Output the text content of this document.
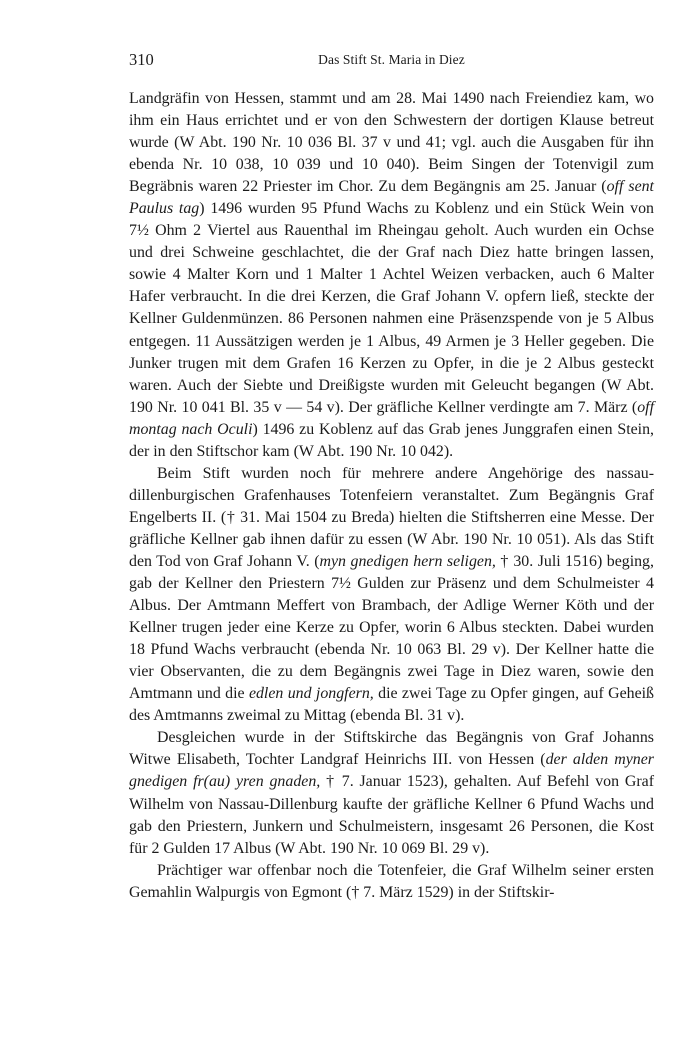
310	Das Stift St. Maria in Diez

Landgräfin von Hessen, stammt und am 28. Mai 1490 nach Freiendiez kam, wo ihm ein Haus errichtet und er von den Schwestern der dortigen Klause betreut wurde (W Abt. 190 Nr. 10 036 Bl. 37 v und 41; vgl. auch die Ausgaben für ihn ebenda Nr. 10 038, 10 039 und 10 040). Beim Singen der Totenvigil zum Begräbnis waren 22 Priester im Chor. Zu dem Begängnis am 25. Januar (off sent Paulus tag) 1496 wurden 95 Pfund Wachs zu Koblenz und ein Stück Wein von 7½ Ohm 2 Viertel aus Rauenthal im Rheingau geholt. Auch wurden ein Ochse und drei Schweine geschlachtet, die der Graf nach Diez hatte bringen lassen, sowie 4 Malter Korn und 1 Malter 1 Achtel Weizen verbacken, auch 6 Malter Hafer verbraucht. In die drei Kerzen, die Graf Johann V. opfern ließ, steckte der Kellner Guldenmünzen. 86 Personen nahmen eine Präsenzspende von je 5 Albus entgegen. 11 Aussätzigen werden je 1 Albus, 49 Armen je 3 Heller gegeben. Die Junker trugen mit dem Grafen 16 Kerzen zu Opfer, in die je 2 Albus gesteckt waren. Auch der Siebte und Dreißigste wurden mit Geleucht begangen (W Abt. 190 Nr. 10 041 Bl. 35 v — 54 v). Der gräfliche Kellner verdingte am 7. März (off montag nach Oculi) 1496 zu Koblenz auf das Grab jenes Junggrafen einen Stein, der in den Stiftschor kam (W Abt. 190 Nr. 10 042).

Beim Stift wurden noch für mehrere andere Angehörige des nassaudillenburgischen Grafenhauses Totenfeiern veranstaltet. Zum Begängnis Graf Engelberts II. († 31. Mai 1504 zu Breda) hielten die Stiftsherren eine Messe. Der gräfliche Kellner gab ihnen dafür zu essen (W Abr. 190 Nr. 10 051). Als das Stift den Tod von Graf Johann V. (myn gnedigen hern seligen, † 30. Juli 1516) beging, gab der Kellner den Priestern 7½ Gulden zur Präsenz und dem Schulmeister 4 Albus. Der Amtmann Meffert von Brambach, der Adlige Werner Köth und der Kellner trugen jeder eine Kerze zu Opfer, worin 6 Albus steckten. Dabei wurden 18 Pfund Wachs verbraucht (ebenda Nr. 10 063 Bl. 29 v). Der Kellner hatte die vier Observanten, die zu dem Begängnis zwei Tage in Diez waren, sowie den Amtmann und die edlen und jongfern, die zwei Tage zu Opfer gingen, auf Geheiß des Amtmanns zweimal zu Mittag (ebenda Bl. 31 v).

Desgleichen wurde in der Stiftskirche das Begängnis von Graf Johanns Witwe Elisabeth, Tochter Landgraf Heinrichs III. von Hessen (der alden myner gnedigen fr(au) yren gnaden, † 7. Januar 1523), gehalten. Auf Befehl von Graf Wilhelm von Nassau-Dillenburg kaufte der gräfliche Kellner 6 Pfund Wachs und gab den Priestern, Junkern und Schulmeistern, insgesamt 26 Personen, die Kost für 2 Gulden 17 Albus (W Abt. 190 Nr. 10 069 Bl. 29 v).

Prächtiger war offenbar noch die Totenfeier, die Graf Wilhelm seiner ersten Gemahlin Walpurgis von Egmont († 7. März 1529) in der Stiftskir-
